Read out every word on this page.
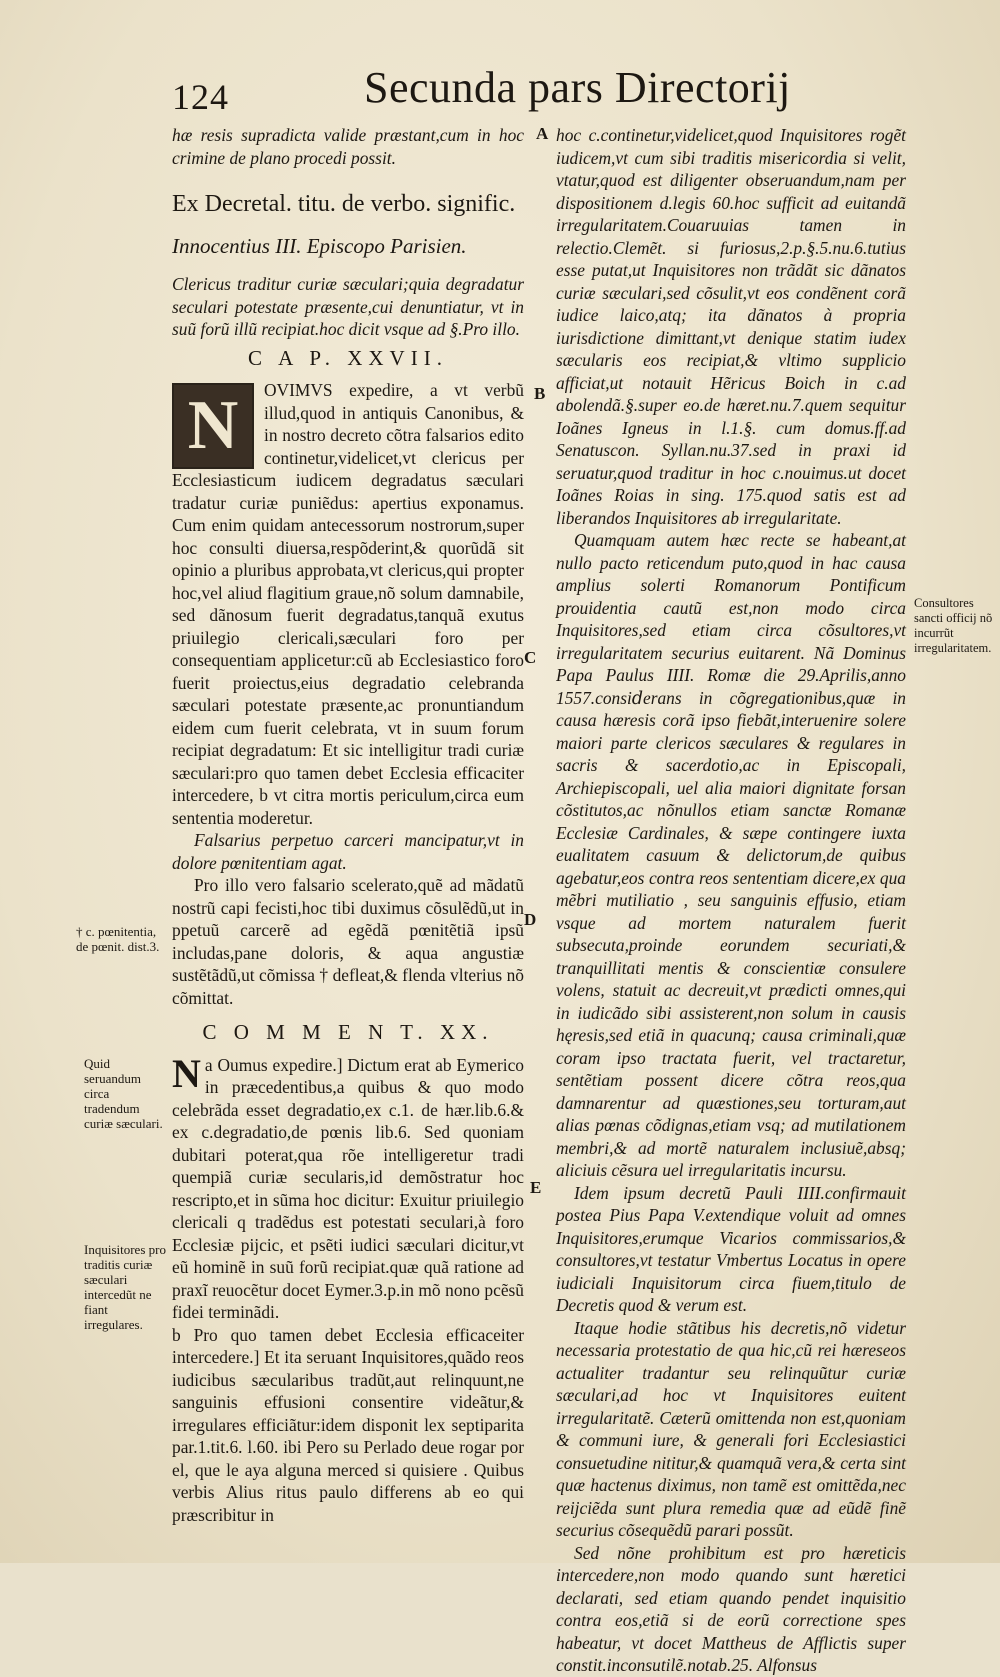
124	Secunda pars Directorij

hæ resis supradicta valide præstant,cum in hoc crimine de plano procedi possit.

Ex Decretal. titu. de verbo. signific.

Innocentius III. Episcopo Parisien.

Clericus traditur curiæ sæculari;quia degradatur seculari potestate præsente,cui denuntiatur, vt in suũ forũ illũ recipiat.hoc dicit vsque ad §.Pro illo.

C A P. XXVII.

N	OVIMVS expedire, a vt verbũ illud,quod in antiquis Canonibus, & in nostro decreto cõtra falsarios edito continetur,videlicet,vt clericus per Ecclesiasticum iudicem degradatus sæculari tradatur curiæ puniẽdus: apertius exponamus. Cum enim quidam antecessorum nostrorum,super hoc consulti diuersa,respõderint,& quorũdã sit opinio a pluribus approbata,vt clericus,qui propter hoc,vel aliud flagitium graue,nõ solum damnabile, sed dãnosum fuerit degradatus,tanquã exutus priuilegio clericali,sæculari foro per consequentiam applicetur:cũ ab Ecclesiastico foro fuerit proiectus,eius degradatio celebranda sæculari potestate præsente,ac pronuntiandum eidem cum fuerit celebrata, vt in suum forum recipiat degradatum: Et sic intelligitur tradi curiæ sæculari:pro quo tamen debet Ecclesia efficaciter intercedere, b vt citra mortis periculum,circa eum sententia moderetur.

Falsarius perpetuo carceri mancipatur,vt in dolore pœnitentiam agat.

Pro illo vero falsario scelerato,quẽ ad mãdatũ nostrũ capi fecisti,hoc tibi duximus cõsulẽdũ,ut in ppetuũ carcerẽ ad egẽdã pœnitẽtiã ipsũ includas,pane doloris, & aqua angustiæ sustẽtãdũ,ut cõmissa † defleat,& flenda vlterius nõ cõmittat.

C O M M E N T. XX.

a
N Oumus expedire.] Dictum erat ab Eymerico in præcedentibus,a quibus & quo modo celebrãda esset degradatio,ex c.1. de hær.lib.6.& ex c.degradatio,de pœnis lib.6. Sed quoniam dubitari poterat,qua rõe intelligeretur tradi quempiã curiæ secularis,id demõstratur hoc rescripto,et in sũma hoc dicitur: Exuitur priuilegio clericali q tradẽdus est potestati seculari,à foro Ecclesiæ pijcic, et psẽti iudici sæculari dicitur,vt eũ hominẽ in suũ forũ recipiat.quæ quã ratione ad praxĩ reuocẽtur docet Eymer.3.p.in mõ nono pcẽsũ fidei terminãdi.

b Pro quo tamen debet Ecclesia efficaceiter intercedere.] Et ita seruant Inquisitores,quãdo reos iudicibus sæcularibus tradũt,aut relinquunt,ne sanguinis effusioni consentire videãtur,& irregulares efficiãtur:idem disponit lex septiparita par.1.tit.6. l.60. ibi Pero su Perlado deue rogar por el, que le aya alguna merced si quisiere . Quibus verbis Alius ritus paulo differens ab eo qui præscribitur in

hoc c.continetur,videlicet,quod Inquisitores rogẽt iudicem,vt cum sibi traditis misericordia si velit, vtatur,quod est diligenter obseruandum,nam per dispositionem d.legis 60.hoc sufficit ad euitandã irregularitatem.Couaruuias tamen in relectio.Clemẽt. si furiosus,2.p.§.5.nu.6.tutius esse putat,ut Inquisitores non trãdãt sic dãnatos curiæ sæculari,sed cõsulit,vt eos condẽnent corã iudice laico,atq; ita dãnatos à propria iurisdictione dimittant,vt denique statim iudex sæcularis eos recipiat,& vltimo supplicio afficiat,ut notauit Hẽricus Boich in c.ad abolendã.§.super eo.de hæret.nu.7.quem sequitur Ioãnes Igneus in l.1.§. cum domus.ff.ad Senatuscon. Syllan.nu.37.sed in praxi id seruatur,quod traditur in hoc c.nouimus.ut docet Ioãnes Roias in sing. 175.quod satis est ad liberandos Inquisitores ab irregularitate.

Quamquam autem hæc recte se habeant,at nullo pacto reticendum puto,quod in hac causa amplius solerti Romanorum Pontificum prouidentia cautũ est,non modo circa Inquisitores,sed etiam circa cõsultores,vt irregularitatem securius euitarent. Nã Dominus Papa Paulus IIII. Romæ die 29.Aprilis,anno 1557.consiⅾerans in cõgregationibus,quæ in causa hæresis corã ipso fiebãt,interuenire solere maiori parte clericos sæculares & regulares in sacris & sacerdotio,ac in Episcopali, Archiepiscopali, uel alia maiori dignitate forsan cõstitutos,ac nõnullos etiam sanctæ Romanæ Ecclesiæ Cardinales, & sæpe contingere iuxta eualitatem casuum & delictorum,de quibus agebatur,eos contra reos sententiam dicere,ex qua mẽbri mutiliatio , seu sanguinis effusio, etiam vsque ad mortem naturalem fuerit subsecuta,proinde eorundem securiati,& tranquillitati mentis & conscientiæ consulere volens, statuit ac decreuit,vt prædicti omnes,qui in iudicãdo sibi assisterent,non solum in causis hęresis,sed etiã in quacunq; causa criminali,quæ coram ipso tractata fuerit, vel tractaretur, sentẽtiam possent dicere cõtra reos,qua damnarentur ad quæstiones,seu torturam,aut alias pœnas cõdignas,etiam vsq; ad mutilationem membri,& ad mortẽ naturalem inclusiuẽ,absq; aliciuis cẽsura uel irregularitatis incursu.

Idem ipsum decretũ Pauli IIII.confirmauit postea Pius Papa V.extendique voluit ad omnes Inquisitores,erumque Vicarios commissarios,& consultores,vt testatur Vmbertus Locatus in opere iudiciali Inquisitorum circa fiuem,titulo de Decretis quod & verum est.

Itaque hodie stãtibus his decretis,nõ videtur necessaria protestatio de qua hic,cũ rei hæreseos actualiter tradantur seu relinquũtur curiæ sæculari,ad hoc vt Inquisitores euitent irregularitatẽ. Cæterũ omittenda non est,quoniam & communi iure, & generali fori Ecclesiastici consuetudine nititur,& quamquã vera,& certa sint quæ hactenus diximus, non tamẽ est omittẽda,nec reijciẽda sunt plura remedia quæ ad eũdẽ finẽ securius cõsequẽdũ parari possũt.

Sed nõne prohibitum est pro hæreticis intercedere,non modo quando sunt hæretici declarati, sed etiam quando pendet inquisitio contra eos,etiã si de eorũ correctione spes habeatur, vt docet Mattheus de Afflictis super constit.inconsutilẽ.notab.25. Alfonsus

A
B
C
D
E
† c. pœnitentia, de pœnit. dist.3.
Quid seruandum circa tradendum curiæ sæculari.
Inquisitores pro traditis curiæ sæculari intercedũt ne fiant irregulares.
Consultores sancti officij nõ incurrũt irregularitatem.
